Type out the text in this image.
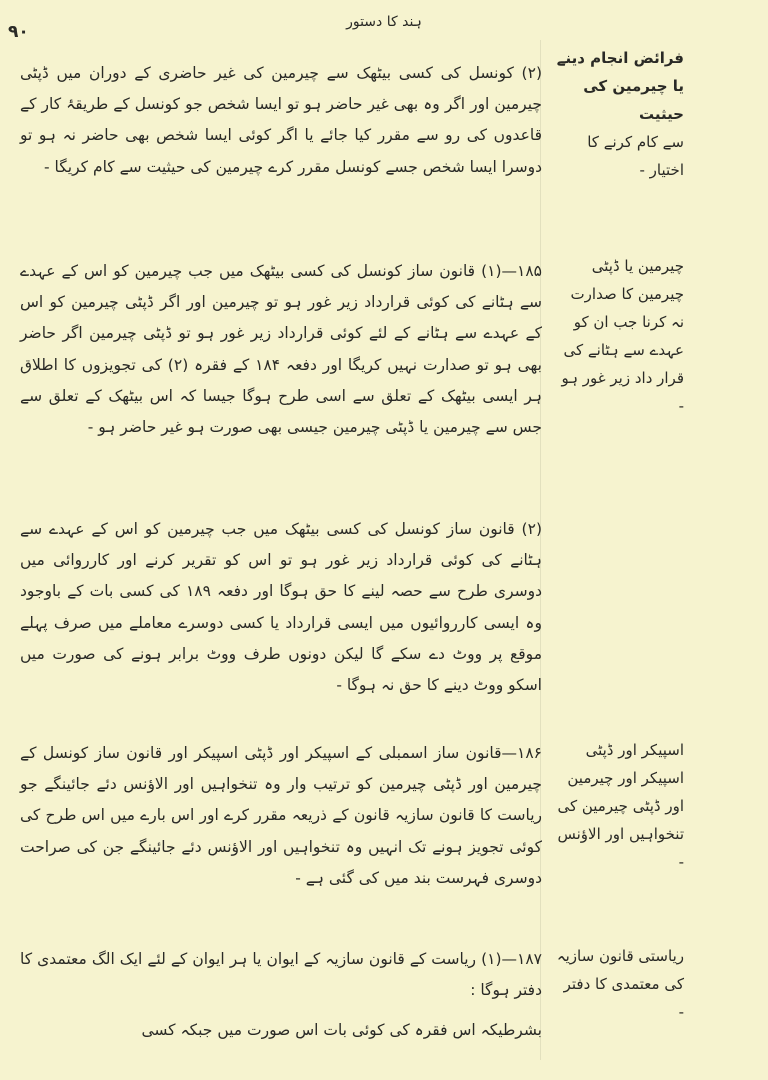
ہند کا دستور
۹۰
(۲) کونسل کی کسی بیٹھک سے چیرمین کی غیر حاضری کے دوران میں ڈپٹی چیرمین اور اگر وہ بھی غیر حاضر ہو تو ایسا شخص جو کونسل کے طریقۂ کار کے قاعدوں کی رو سے مقرر کیا جائے یا اگر کوئی ایسا شخص بھی حاضر نہ ہو تو دوسرا ایسا شخص جسے کونسل مقرر کرے چیرمین کی حیثیت سے کام کریگا -
۱۸۵—(۱) قانون ساز کونسل کی کسی بیٹھک میں جب چیرمین کو اس کے عہدے سے ہٹانے کی کوئی قرارداد زیر غور ہو تو چیرمین اور اگر ڈپٹی چیرمین کو اس کے عہدے سے ہٹانے کے لئے کوئی قرارداد زیر غور ہو تو ڈپٹی چیرمین اگر حاضر بھی ہو تو صدارت نہیں کریگا اور دفعہ ۱۸۴ کے فقرہ (۲) کی تجویزوں کا اطلاق ہر ایسی بیٹھک کے تعلق سے اسی طرح ہوگا جیسا کہ اس بیٹھک کے تعلق سے جس سے چیرمین یا ڈپٹی چیرمین جیسی بھی صورت ہو غیر حاضر ہو -
(۲) قانون ساز کونسل کی کسی بیٹھک میں جب چیرمین کو اس کے عہدے سے ہٹانے کی کوئی قرارداد زیر غور ہو تو اس کو تقریر کرنے اور کارروائی میں دوسری طرح سے حصہ لینے کا حق ہوگا اور دفعہ ۱۸۹ کی کسی بات کے باوجود وہ ایسی کارروائیوں میں ایسی قرارداد یا کسی دوسرے معاملے میں صرف پہلے موقع پر ووٹ دے سکے گا لیکن دونوں طرف ووٹ برابر ہونے کی صورت میں اسکو ووٹ دینے کا حق نہ ہوگا -
۱۸۶—قانون ساز اسمبلی کے اسپیکر اور ڈپٹی اسپیکر اور قانون ساز کونسل کے چیرمین اور ڈپٹی چیرمین کو ترتیب وار وہ تنخواہیں اور الاؤنس دئے جائینگے جو ریاست کا قانون سازیہ قانون کے ذریعہ مقرر کرے اور اس بارے میں اس طرح کی کوئی تجویز ہونے تک انہیں وہ تنخواہیں اور الاؤنس دئے جائینگے جن کی صراحت دوسری فہرست بند میں کی گئی ہے -
۱۸۷—(۱) ریاست کے قانون سازیہ کے ایوان یا ہر ایوان کے لئے ایک الگ معتمدی کا دفتر ہوگا :
بشرطیکہ اس فقرہ کی کوئی بات اس صورت میں جبکہ کسی
فرائض انجام دینے یا چیرمین کی حیثیت
سے کام کرنے کا اختیار -
چیرمین یا ڈپٹی چیرمین کا صدارت نہ کرنا جب ان کو عہدے سے ہٹانے کی قرار داد زیر غور ہو -
اسپیکر اور ڈپٹی اسپیکر اور چیرمین اور ڈپٹی چیرمین کی تنخواہیں اور الاؤنس -
ریاستی قانون سازیہ کی معتمدی کا دفتر -
